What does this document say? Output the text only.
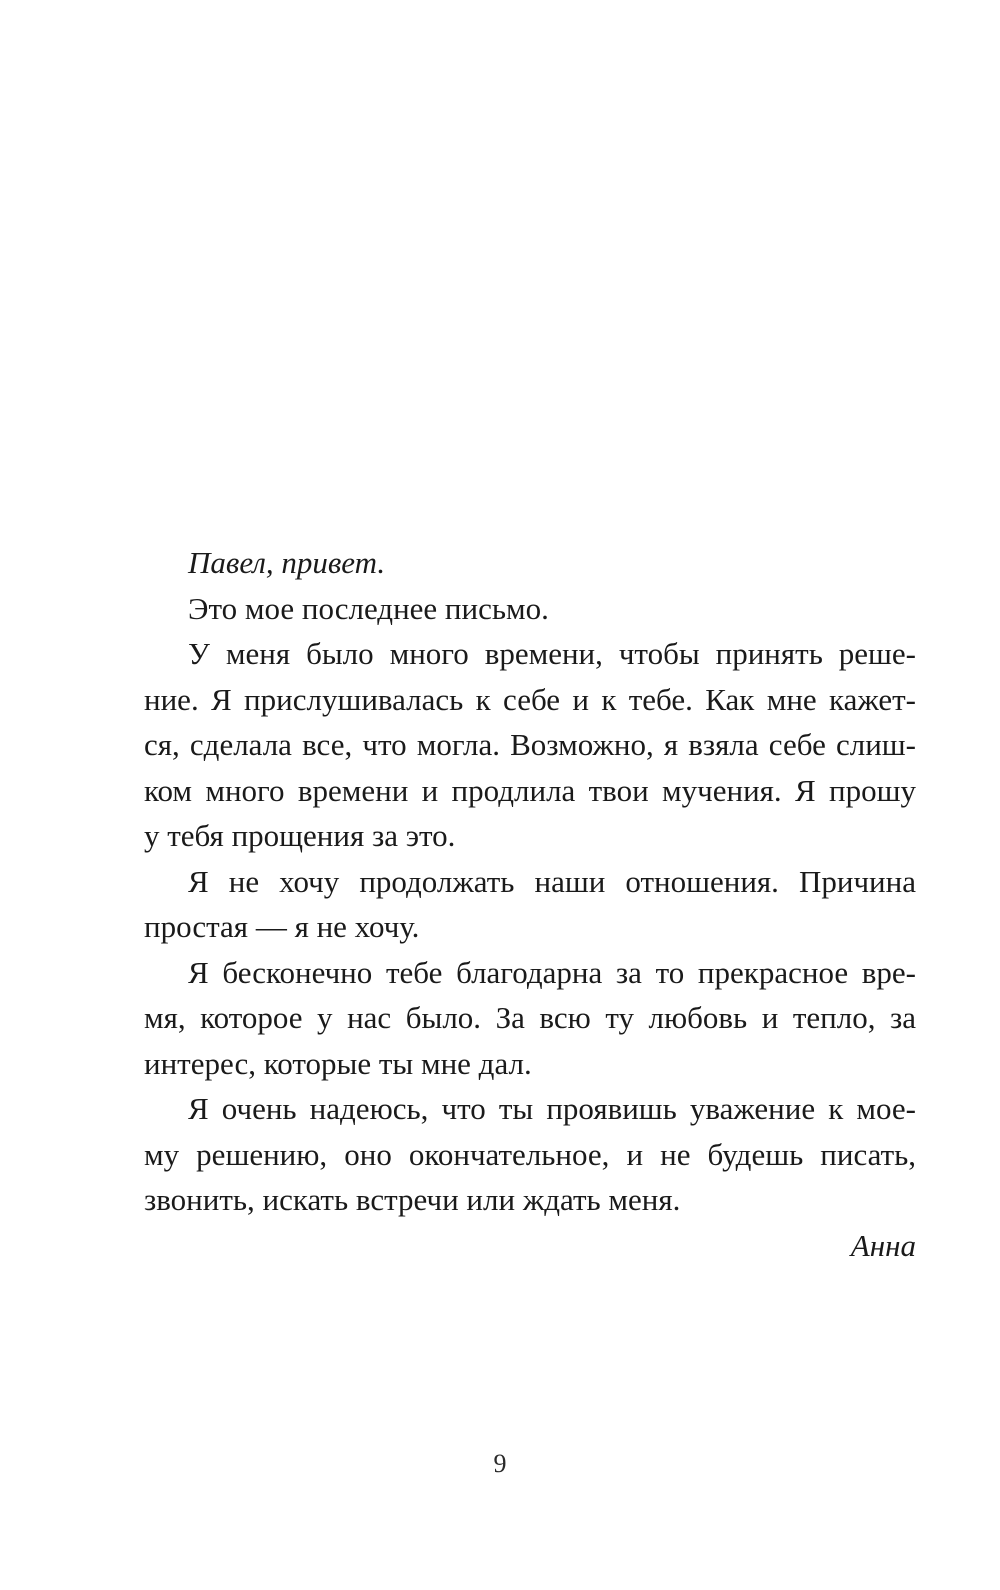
Павел, привет.
Это мое последнее письмо.
У меня было много времени, чтобы принять реше-
ние. Я прислушивалась к себе и к тебе. Как мне кажет-
ся, сделала все, что могла. Возможно, я взяла себе слиш-
ком много времени и продлила твои мучения. Я прошу
у тебя прощения за это.
Я не хочу продолжать наши отношения. Причина
простая — я не хочу.
Я бесконечно тебе благодарна за то прекрасное вре-
мя, которое у нас было. За всю ту любовь и тепло, за
интерес, которые ты мне дал.
Я очень надеюсь, что ты проявишь уважение к мое-
му решению, оно окончательное, и не будешь писать,
звонить, искать встречи или ждать меня.
Анна
9
